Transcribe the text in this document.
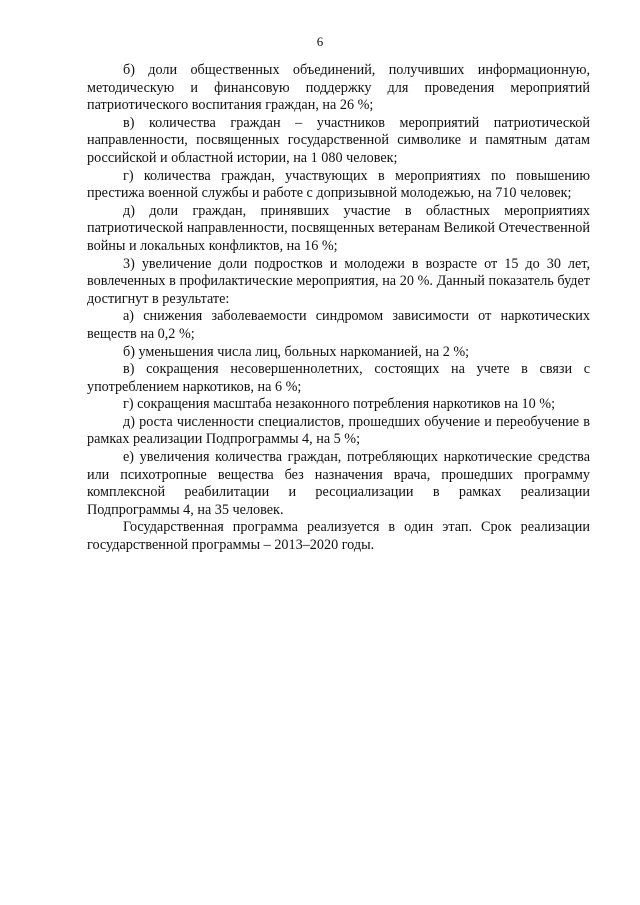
6

б) доли общественных объединений, получивших информационную, методическую и финансовую поддержку для проведения мероприятий патриотического воспитания граждан, на 26 %;

в) количества граждан – участников мероприятий патриотической направленности, посвященных государственной символике и памятным датам российской и областной истории, на 1 080 человек;

г) количества граждан, участвующих в мероприятиях по повышению престижа военной службы и работе с допризывной молодежью, на 710 человек;

д) доли граждан, принявших участие в областных мероприятиях патриотической направленности, посвященных ветеранам Великой Отечественной войны и локальных конфликтов, на 16 %;

3) увеличение доли подростков и молодежи в возрасте от 15 до 30 лет, вовлеченных в профилактические мероприятия, на 20 %. Данный показатель будет достигнут в результате:

а) снижения заболеваемости синдромом зависимости от наркотических веществ на 0,2 %;

б) уменьшения числа лиц, больных наркоманией, на 2 %;

в) сокращения несовершеннолетних, состоящих на учете в связи с употреблением наркотиков, на 6 %;

г) сокращения масштаба незаконного потребления наркотиков на 10 %;

д) роста численности специалистов, прошедших обучение и переобучение в рамках реализации Подпрограммы 4, на 5 %;

е) увеличения количества граждан, потребляющих наркотические средства или психотропные вещества без назначения врача, прошедших программу комплексной реабилитации и ресоциализации в рамках реализации Подпрограммы 4, на 35 человек.

Государственная программа реализуется в один этап. Срок реализации государственной программы – 2013–2020 годы.
